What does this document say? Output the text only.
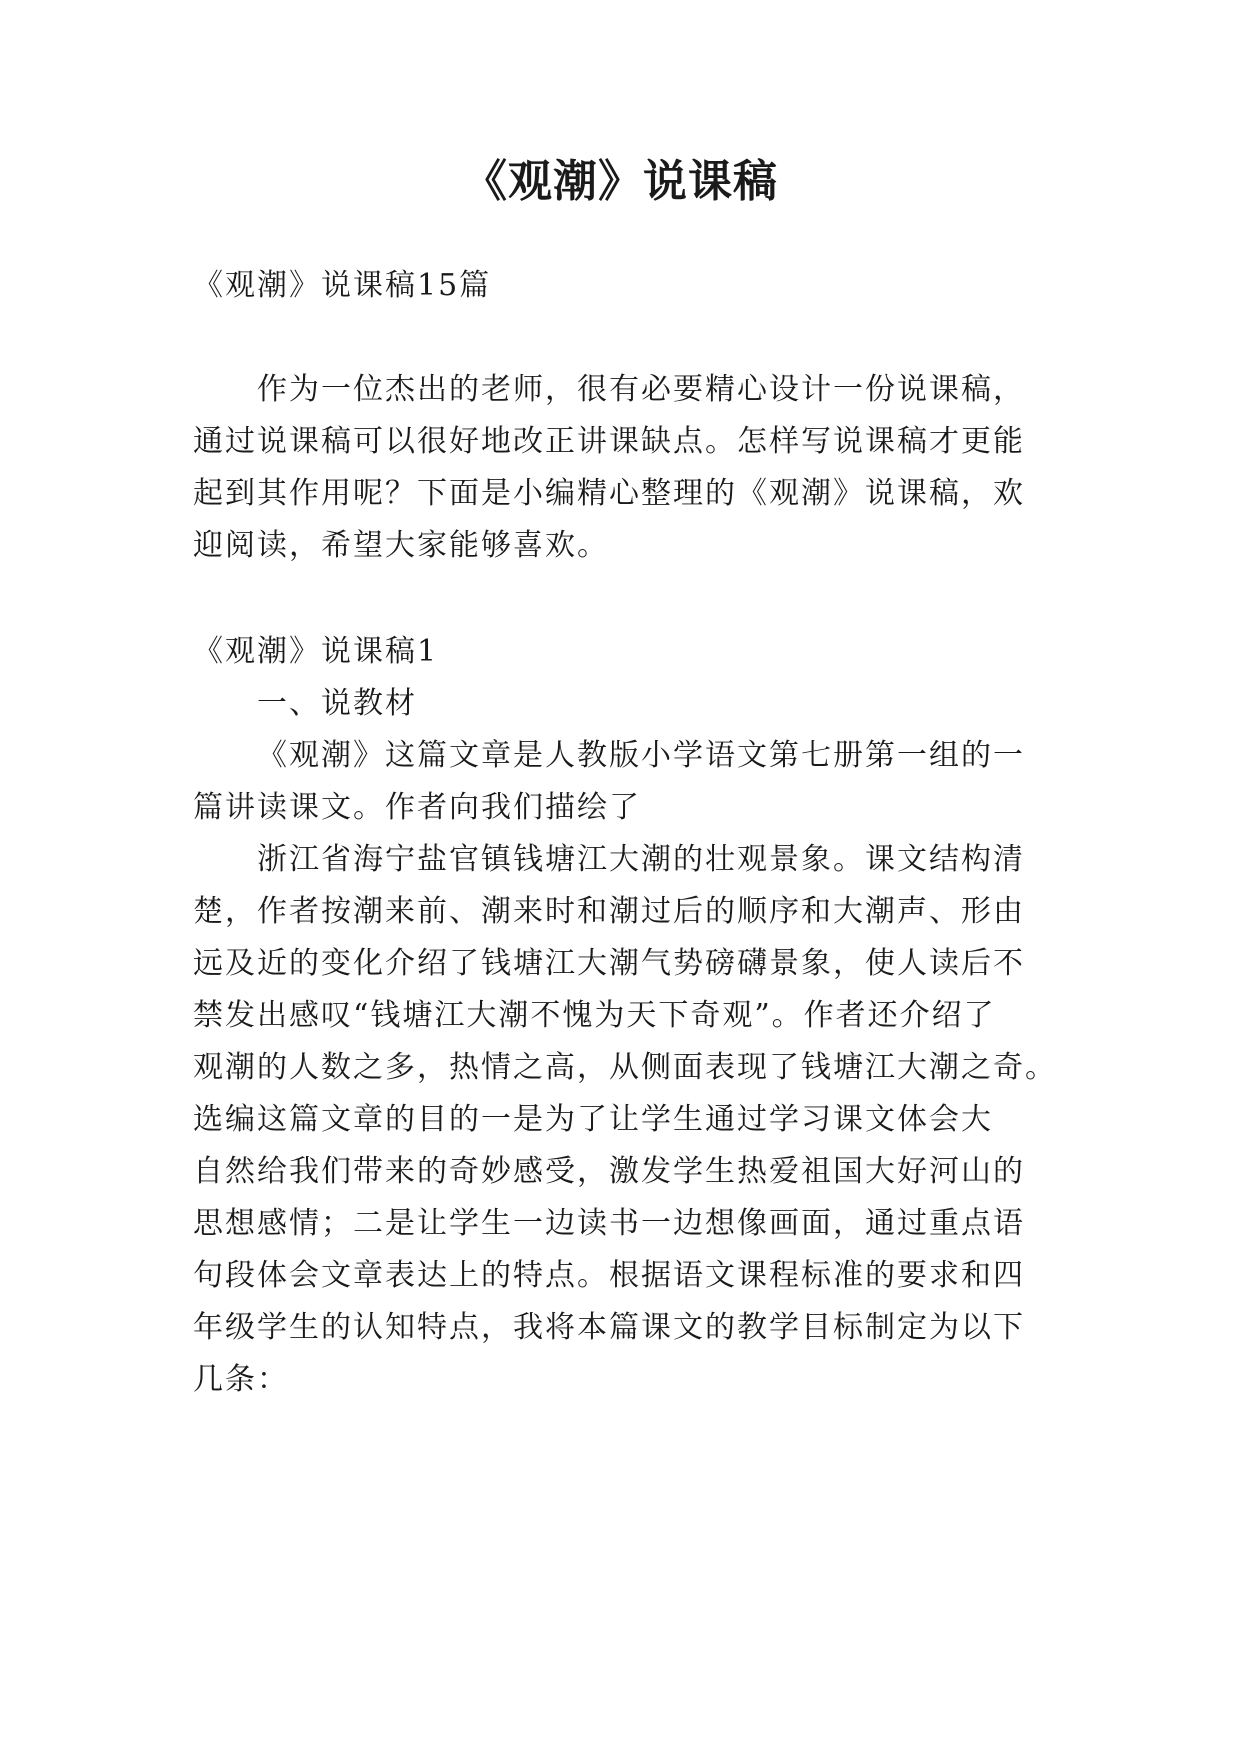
《观潮》说课稿

《观潮》说课稿15篇

作为一位杰出的老师，很有必要精心设计一份说课稿，

通过说课稿可以很好地改正讲课缺点。怎样写说课稿才更能

起到其作用呢？下面是小编精心整理的《观潮》说课稿，欢

迎阅读，希望大家能够喜欢。

《观潮》说课稿1

一、说教材

《观潮》这篇文章是人教版小学语文第七册第一组的一

篇讲读课文。作者向我们描绘了

浙江省海宁盐官镇钱塘江大潮的壮观景象。课文结构清

楚，作者按潮来前、潮来时和潮过后的顺序和大潮声、形由

远及近的变化介绍了钱塘江大潮气势磅礴景象，使人读后不

禁发出感叹“钱塘江大潮不愧为天下奇观”。作者还介绍了

观潮的人数之多，热情之高，从侧面表现了钱塘江大潮之奇。

选编这篇文章的目的一是为了让学生通过学习课文体会大

自然给我们带来的奇妙感受，激发学生热爱祖国大好河山的

思想感情；二是让学生一边读书一边想像画面，通过重点语

句段体会文章表达上的特点。根据语文课程标准的要求和四

年级学生的认知特点，我将本篇课文的教学目标制定为以下

几条：
